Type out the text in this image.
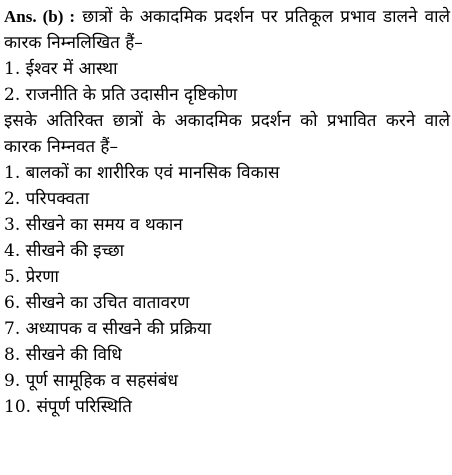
Ans. (b) : छात्रों के अकादमिक प्रदर्शन पर प्रतिकूल प्रभाव डालने वाले कारक निम्नलिखित हैं–
1. ईश्वर में आस्था
2. राजनीति के प्रति उदासीन दृष्टिकोण
इसके अतिरिक्त छात्रों के अकादमिक प्रदर्शन को प्रभावित करने वाले कारक निम्नवत हैं–
1. बालकों का शारीरिक एवं मानसिक विकास
2. परिपक्वता
3. सीखने का समय व थकान
4. सीखने की इच्छा
5. प्रेरणा
6. सीखने का उचित वातावरण
7. अध्यापक व सीखने की प्रक्रिया
8. सीखने की विधि
9. पूर्ण सामूहिक व सहसंबंध
10. संपूर्ण परिस्थिति
